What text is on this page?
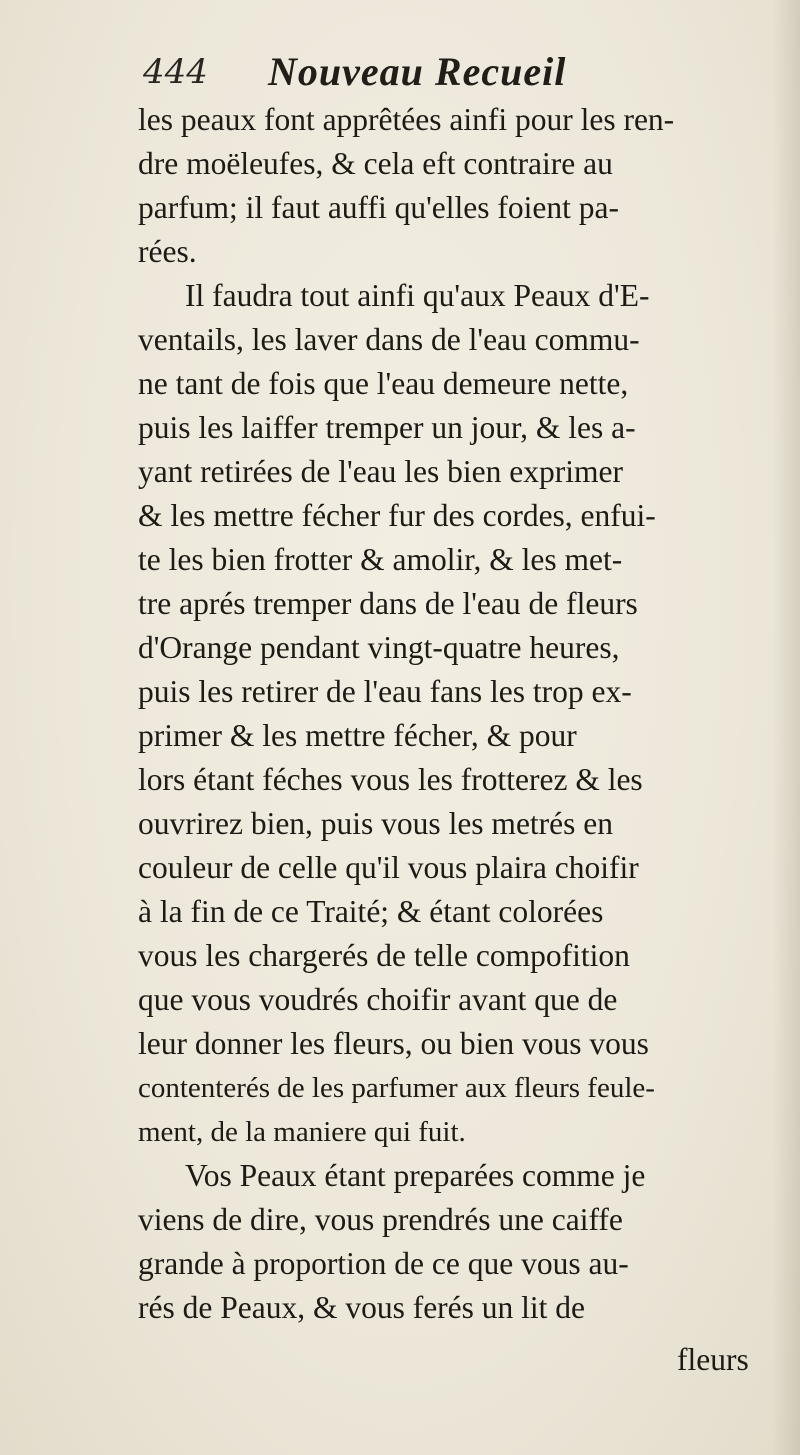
444 Nouveau Recueil
les peaux font apprêtées ainfi pour les ren-
dre moëleufes, & cela eft contraire au
parfum; il faut auffi qu'elles foient pa-
rées.
Il faudra tout ainfi qu'aux Peaux d'E-
ventails, les laver dans de l'eau commu-
ne tant de fois que l'eau demeure nette,
puis les laiffer tremper un jour, & les a-
yant retirées de l'eau les bien exprimer
& les mettre fécher fur des cordes, enfui-
te les bien frotter & amolir, & les met-
tre aprés tremper dans de l'eau de fleurs
d'Orange pendant vingt-quatre heures,
puis les retirer de l'eau fans les trop ex-
primer & les mettre fécher, & pour
lors étant féches vous les frotterez & les
ouvrirez bien, puis vous les metrés en
couleur de celle qu'il vous plaira choifir
à la fin de ce Traité; & étant colorées
vous les chargerés de telle compofition
que vous voudrés choifir avant que de
leur donner les fleurs, ou bien vous vous
contenterés de les parfumer aux fleurs feule-
ment, de la maniere qui fuit.
Vos Peaux étant preparées comme je
viens de dire, vous prendrés une caiffe
grande à proportion de ce que vous au-
rés de Peaux, & vous ferés un lit de
fleurs
